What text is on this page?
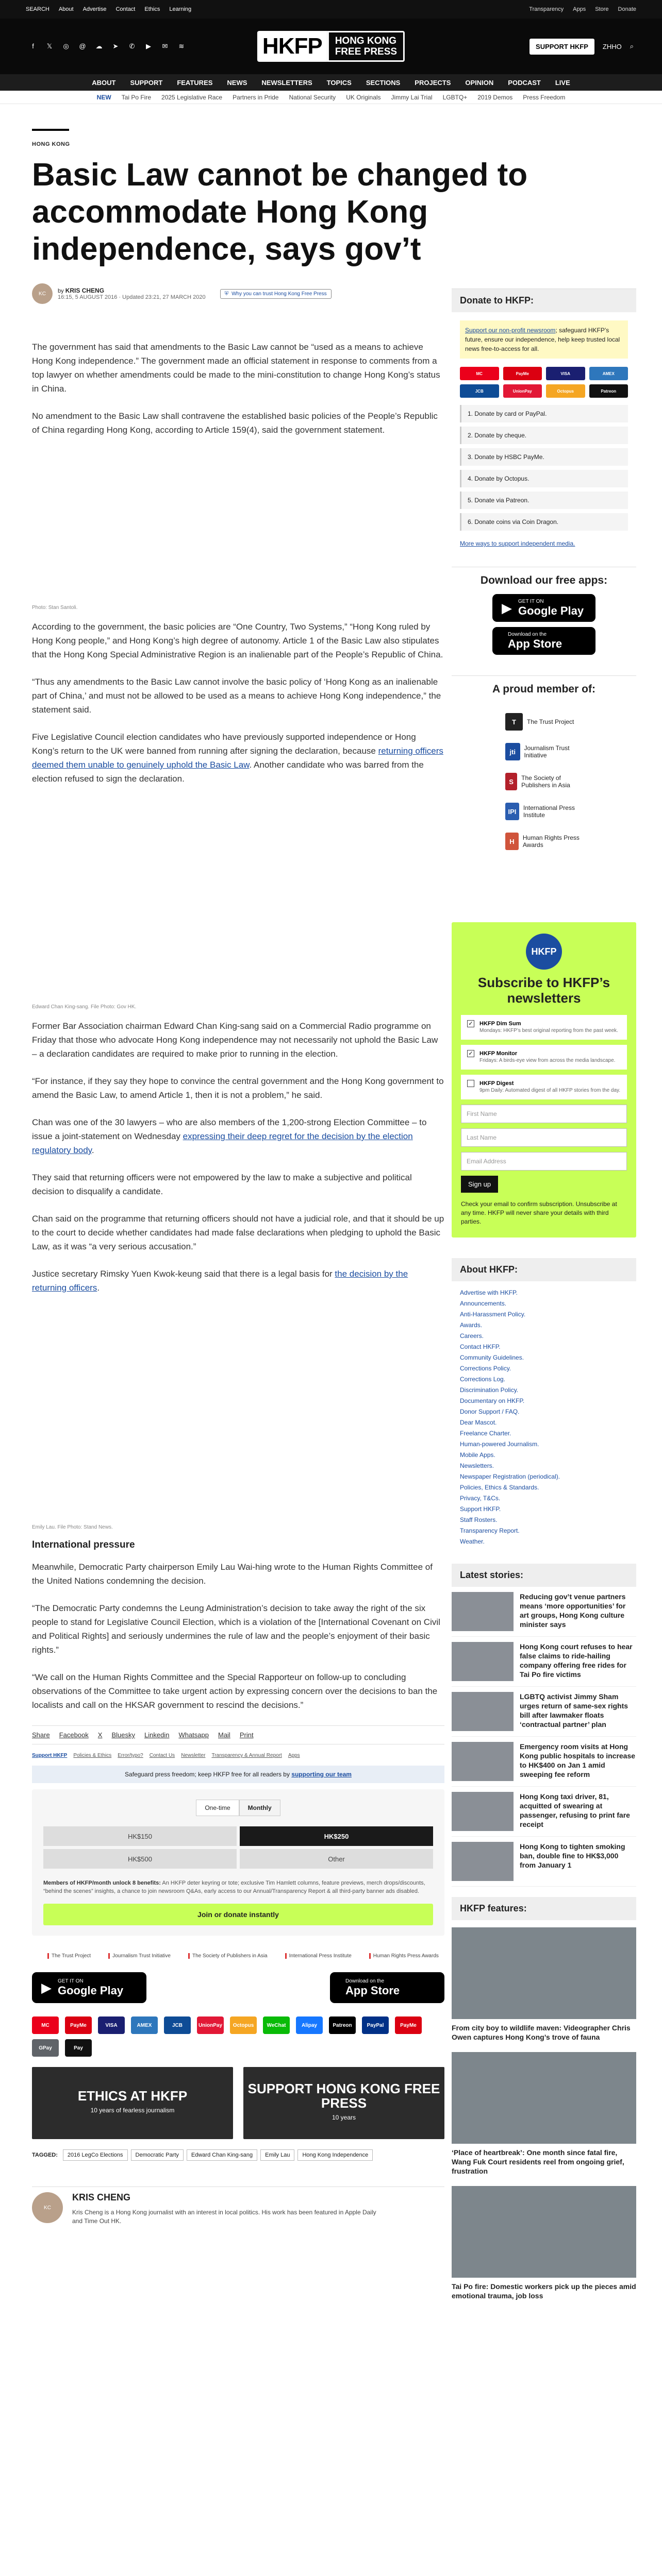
SEARCH About Advertise Contact Ethics Learning	Transparency Apps Store Donate
f	𝕏 ◎ @ ☁ ➤ ✆	▶	✉ ≋	HKFP	HONG KONG
FREE PRESS	SUPPORT HKFP	ZHHO ⌕
ABOUT SUPPORT FEATURES NEWS NEWSLETTERS TOPICS SECTIONS PROJECTS OPINION PODCAST LIVE
NEW Tai Po Fire 2025 Legislative Race Partners in Pride National Security UK Originals Jimmy Lai Trial LGBTQ+ 2019 Demos Press Freedom
HONG KONG
Basic Law cannot be changed to accommodate Hong Kong independence, says gov’t
KC	by KRIS CHENG
16:15, 5 AUGUST 2016 · Updated 23:21, 27 MARCH 2020
⛨ Why you can trust Hong Kong Free Press

The government has said that amendments to the Basic Law cannot be “used as a means to achieve Hong Kong independence.” The government made an official statement in response to comments from a top lawyer on whether amendments could be made to the mini-constitution to change Hong Kong’s status in China.

No amendment to the Basic Law shall contravene the established basic policies of the People’s Republic of China regarding Hong Kong, according to Article 159(4), said the government statement.

Photo: Stan Santoli.

According to the government, the basic policies are “One Country, Two Systems,” “Hong Kong ruled by Hong Kong people,” and Hong Kong’s high degree of autonomy. Article 1 of the Basic Law also stipulates that the Hong Kong Special Administrative Region is an inalienable part of the People’s Republic of China.

“Thus any amendments to the Basic Law cannot involve the basic policy of ‘Hong Kong as an inalienable part of China,’ and must not be allowed to be used as a means to achieve Hong Kong independence,” the statement said.

Five Legislative Council election candidates who have previously supported independence or Hong Kong’s return to the UK were banned from running after signing the declaration, because returning officers deemed them unable to genuinely uphold the Basic Law. Another candidate who was barred from the election refused to sign the declaration.

Edward Chan King-sang. File Photo: Gov HK.

Former Bar Association chairman Edward Chan King-sang said on a Commercial Radio programme on Friday that those who advocate Hong Kong independence may not necessarily not uphold the Basic Law – a declaration candidates are required to make prior to running in the election.

“For instance, if they say they hope to convince the central government and the Hong Kong government to amend the Basic Law, to amend Article 1, then it is not a problem,” he said.

Chan was one of the 30 lawyers – who are also members of the 1,200-strong Election Committee – to issue a joint-statement on Wednesday expressing their deep regret for the decision by the election regulatory body.

They said that returning officers were not empowered by the law to make a subjective and political decision to disqualify a candidate.

Chan said on the programme that returning officers should not have a judicial role, and that it should be up to the court to decide whether candidates had made false declarations when pledging to uphold the Basic Law, as it was “a very serious accusation.”

Justice secretary Rimsky Yuen Kwok-keung said that there is a legal basis for the decision by the returning officers.

Emily Lau. File Photo: Stand News.
International pressure

Meanwhile, Democratic Party chairperson Emily Lau Wai-hing wrote to the Human Rights Committee of the United Nations condemning the decision.

“The Democratic Party condemns the Leung Administration’s decision to take away the right of the six people to stand for Legislative Council Election, which is a violation of the [International Covenant on Civil and Political Rights] and seriously undermines the rule of law and the people’s enjoyment of their basic rights.”

“We call on the Human Rights Committee and the Special Rapporteur on follow-up to concluding observations of the Committee to take urgent action by expressing concern over the decisions to ban the localists and call on the HKSAR government to rescind the decisions.”

Share Facebook X Bluesky Linkedin Whatsapp Mail Print
Support HKFP Policies & Ethics Error/typo? Contact Us Newsletter Transparency & Annual Report Apps
Safeguard press freedom; keep HKFP free for all readers by supporting our team
One-time	Monthly
HK$150	HK$250
HK$500	Other
Members of HKFP/month unlock 8 benefits: An HKFP deter keyring or tote; exclusive Tim Hamlett columns, feature previews, merch drops/discounts, “behind the scenes” insights, a chance to join newsroom Q&As, early access to our Annual/Transparency Report & all third-party banner ads disabled.
Join or donate instantly
The Trust Project	Journalism Trust Initiative	The Society of Publishers in Asia	International Press Institute	Human Rights Press Awards
▶ GET IT ON
Google Play
Download on the
App Store
MC	PayMe	VISA	AMEX	JCB	UnionPay	Octopus	WeChat	Alipay	Patreon	PayPal	PayMe
GPay	Pay
ETHICS AT HKFP
10 years of fearless journalism
SUPPORT HONG KONG FREE PRESS
10 years
TAGGED:	2016 LegCo Elections	Democratic Party	Edward Chan King-sang	Emily Lau	Hong Kong Independence
KC
KRIS CHENG
Kris Cheng is a Hong Kong journalist with an interest in local politics. His work has been featured in Apple Daily and Time Out HK.
Donate to HKFP:
Support our non-profit newsroom; safeguard HKFP’s future, ensure our independence, help keep trusted local news free-to-access for all.
MC	PayMe	VISA	AMEX
JCB	UnionPay	Octopus	Patreon
1. Donate by card or PayPal.
2. Donate by cheque.
3. Donate by HSBC PayMe.
4. Donate by Octopus.
5. Donate via Patreon.
6. Donate coins via Coin Dragon.
More ways to support independent media.
Download our free apps:
▶ GET IT ON
Google Play
Download on the
App Store
A proud member of:
T	The Trust Project
jti	Journalism Trust Initiative
S	The Society of Publishers in Asia
IPI	International Press Institute
H	Human Rights Press Awards
HKFP
Subscribe to HKFP’s newsletters
✓ HKFP Dim Sum
Mondays: HKFP’s best original reporting from the past week.
✓ HKFP Monitor
Fridays: A birds-eye view from across the media landscape.
HKFP Digest
9pm Daily: Automated digest of all HKFP stories from the day.
First Name
Last Name
Email Address
Sign up
Check your email to confirm subscription. Unsubscribe at any time. HKFP will never share your details with third parties.
About HKFP:
Advertise with HKFP.
Announcements.
Anti-Harassment Policy.
Awards.
Careers.
Contact HKFP.
Community Guidelines.
Corrections Policy.
Corrections Log.
Discrimination Policy.
Documentary on HKFP.
Donor Support / FAQ.
Dear Mascot.
Freelance Charter.
Human-powered Journalism.
Mobile Apps.
Newsletters.
Newspaper Registration (periodical).
Policies, Ethics & Standards.
Privacy, T&Cs.
Support HKFP.
Staff Rosters.
Transparency Report.
Weather.
Latest stories:
Reducing gov’t venue partners means ‘more opportunities’ for art groups, Hong Kong culture minister says
Hong Kong court refuses to hear false claims to ride-hailing company offering free rides for Tai Po fire victims
LGBTQ activist Jimmy Sham urges return of same-sex rights bill after lawmaker floats ‘contractual partner’ plan
Emergency room visits at Hong Kong public hospitals to increase to HK$400 on Jan 1 amid sweeping fee reform
Hong Kong taxi driver, 81, acquitted of swearing at passenger, refusing to print fare receipt
Hong Kong to tighten smoking ban, double fine to HK$3,000 from January 1
HKFP features:
From city boy to wildlife maven: Videographer Chris Owen captures Hong Kong’s trove of fauna
‘Place of heartbreak’: One month since fatal fire, Wang Fuk Court residents reel from ongoing grief, frustration
Tai Po fire: Domestic workers pick up the pieces amid emotional trauma, job loss
